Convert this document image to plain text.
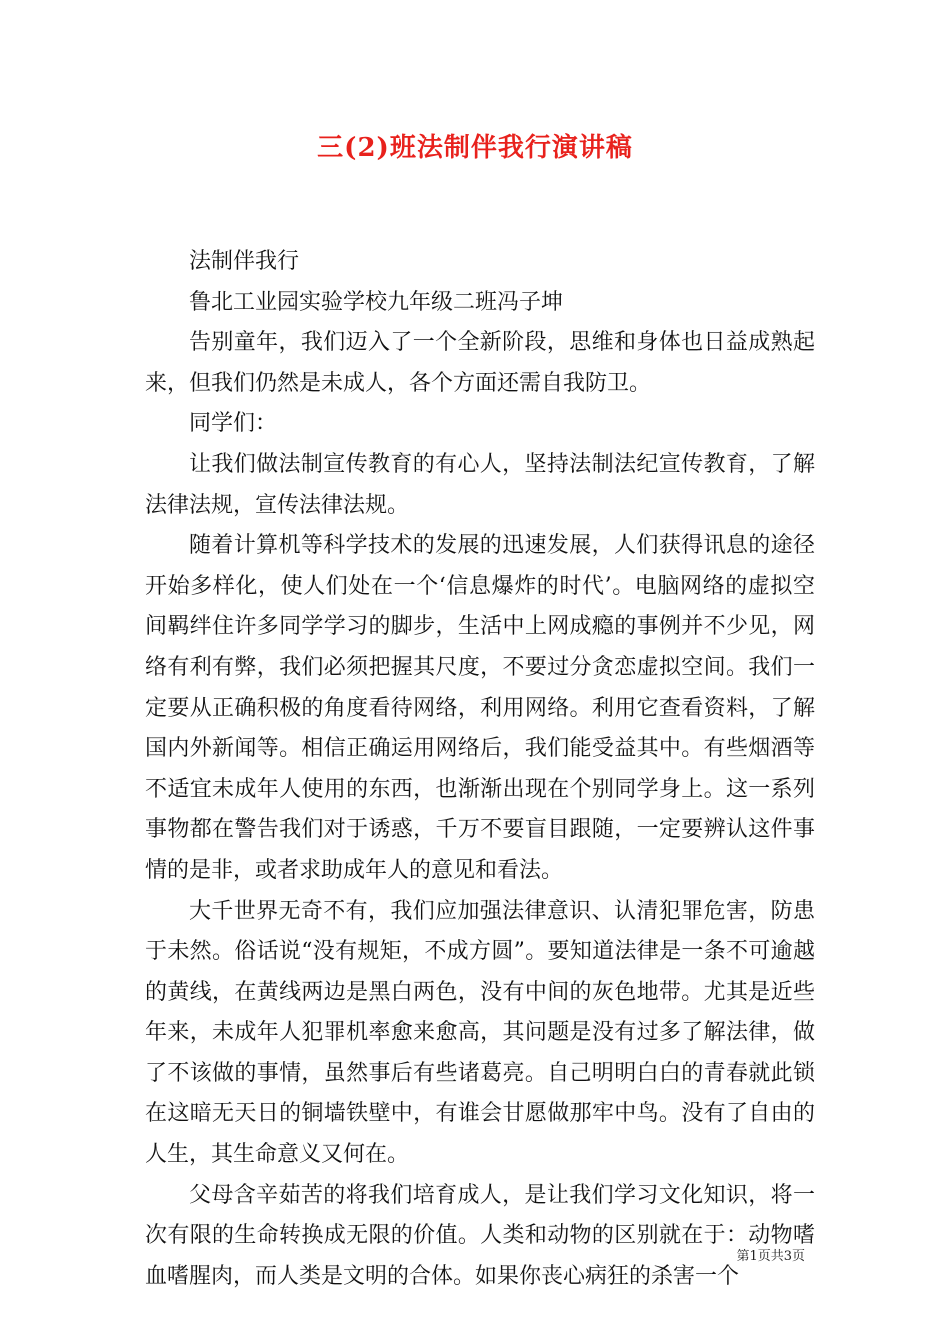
三(2)班法制伴我行演讲稿

法制伴我行

鲁北工业园实验学校九年级二班冯子坤

告别童年，我们迈入了一个全新阶段，思维和身体也日益成熟起来，但我们仍然是未成人，各个方面还需自我防卫。

同学们：

让我们做法制宣传教育的有心人，坚持法制法纪宣传教育，了解法律法规，宣传法律法规。

随着计算机等科学技术的发展的迅速发展，人们获得讯息的途径开始多样化，使人们处在一个‘信息爆炸的时代’。电脑网络的虚拟空间羁绊住许多同学学习的脚步，生活中上网成瘾的事例并不少见，网络有利有弊，我们必须把握其尺度，不要过分贪恋虚拟空间。我们一定要从正确积极的角度看待网络，利用网络。利用它查看资料，了解国内外新闻等。相信正确运用网络后，我们能受益其中。有些烟酒等不适宜未成年人使用的东西，也渐渐出现在个别同学身上。这一系列事物都在警告我们对于诱惑，千万不要盲目跟随，一定要辨认这件事情的是非，或者求助成年人的意见和看法。

大千世界无奇不有，我们应加强法律意识、认清犯罪危害，防患于未然。俗话说“没有规矩，不成方圆”。要知道法律是一条不可逾越的黄线，在黄线两边是黑白两色，没有中间的灰色地带。尤其是近些年来，未成年人犯罪机率愈来愈高，其问题是没有过多了解法律，做了不该做的事情，虽然事后有些诸葛亮。自己明明白白的青春就此锁在这暗无天日的铜墙铁壁中，有谁会甘愿做那牢中鸟。没有了自由的人生，其生命意义又何在。

父母含辛茹苦的将我们培育成人，是让我们学习文化知识，将一次有限的生命转换成无限的价值。人类和动物的区别就在于：动物嗜血嗜腥肉，而人类是文明的合体。如果你丧心病狂的杀害一个

第1页共3页
